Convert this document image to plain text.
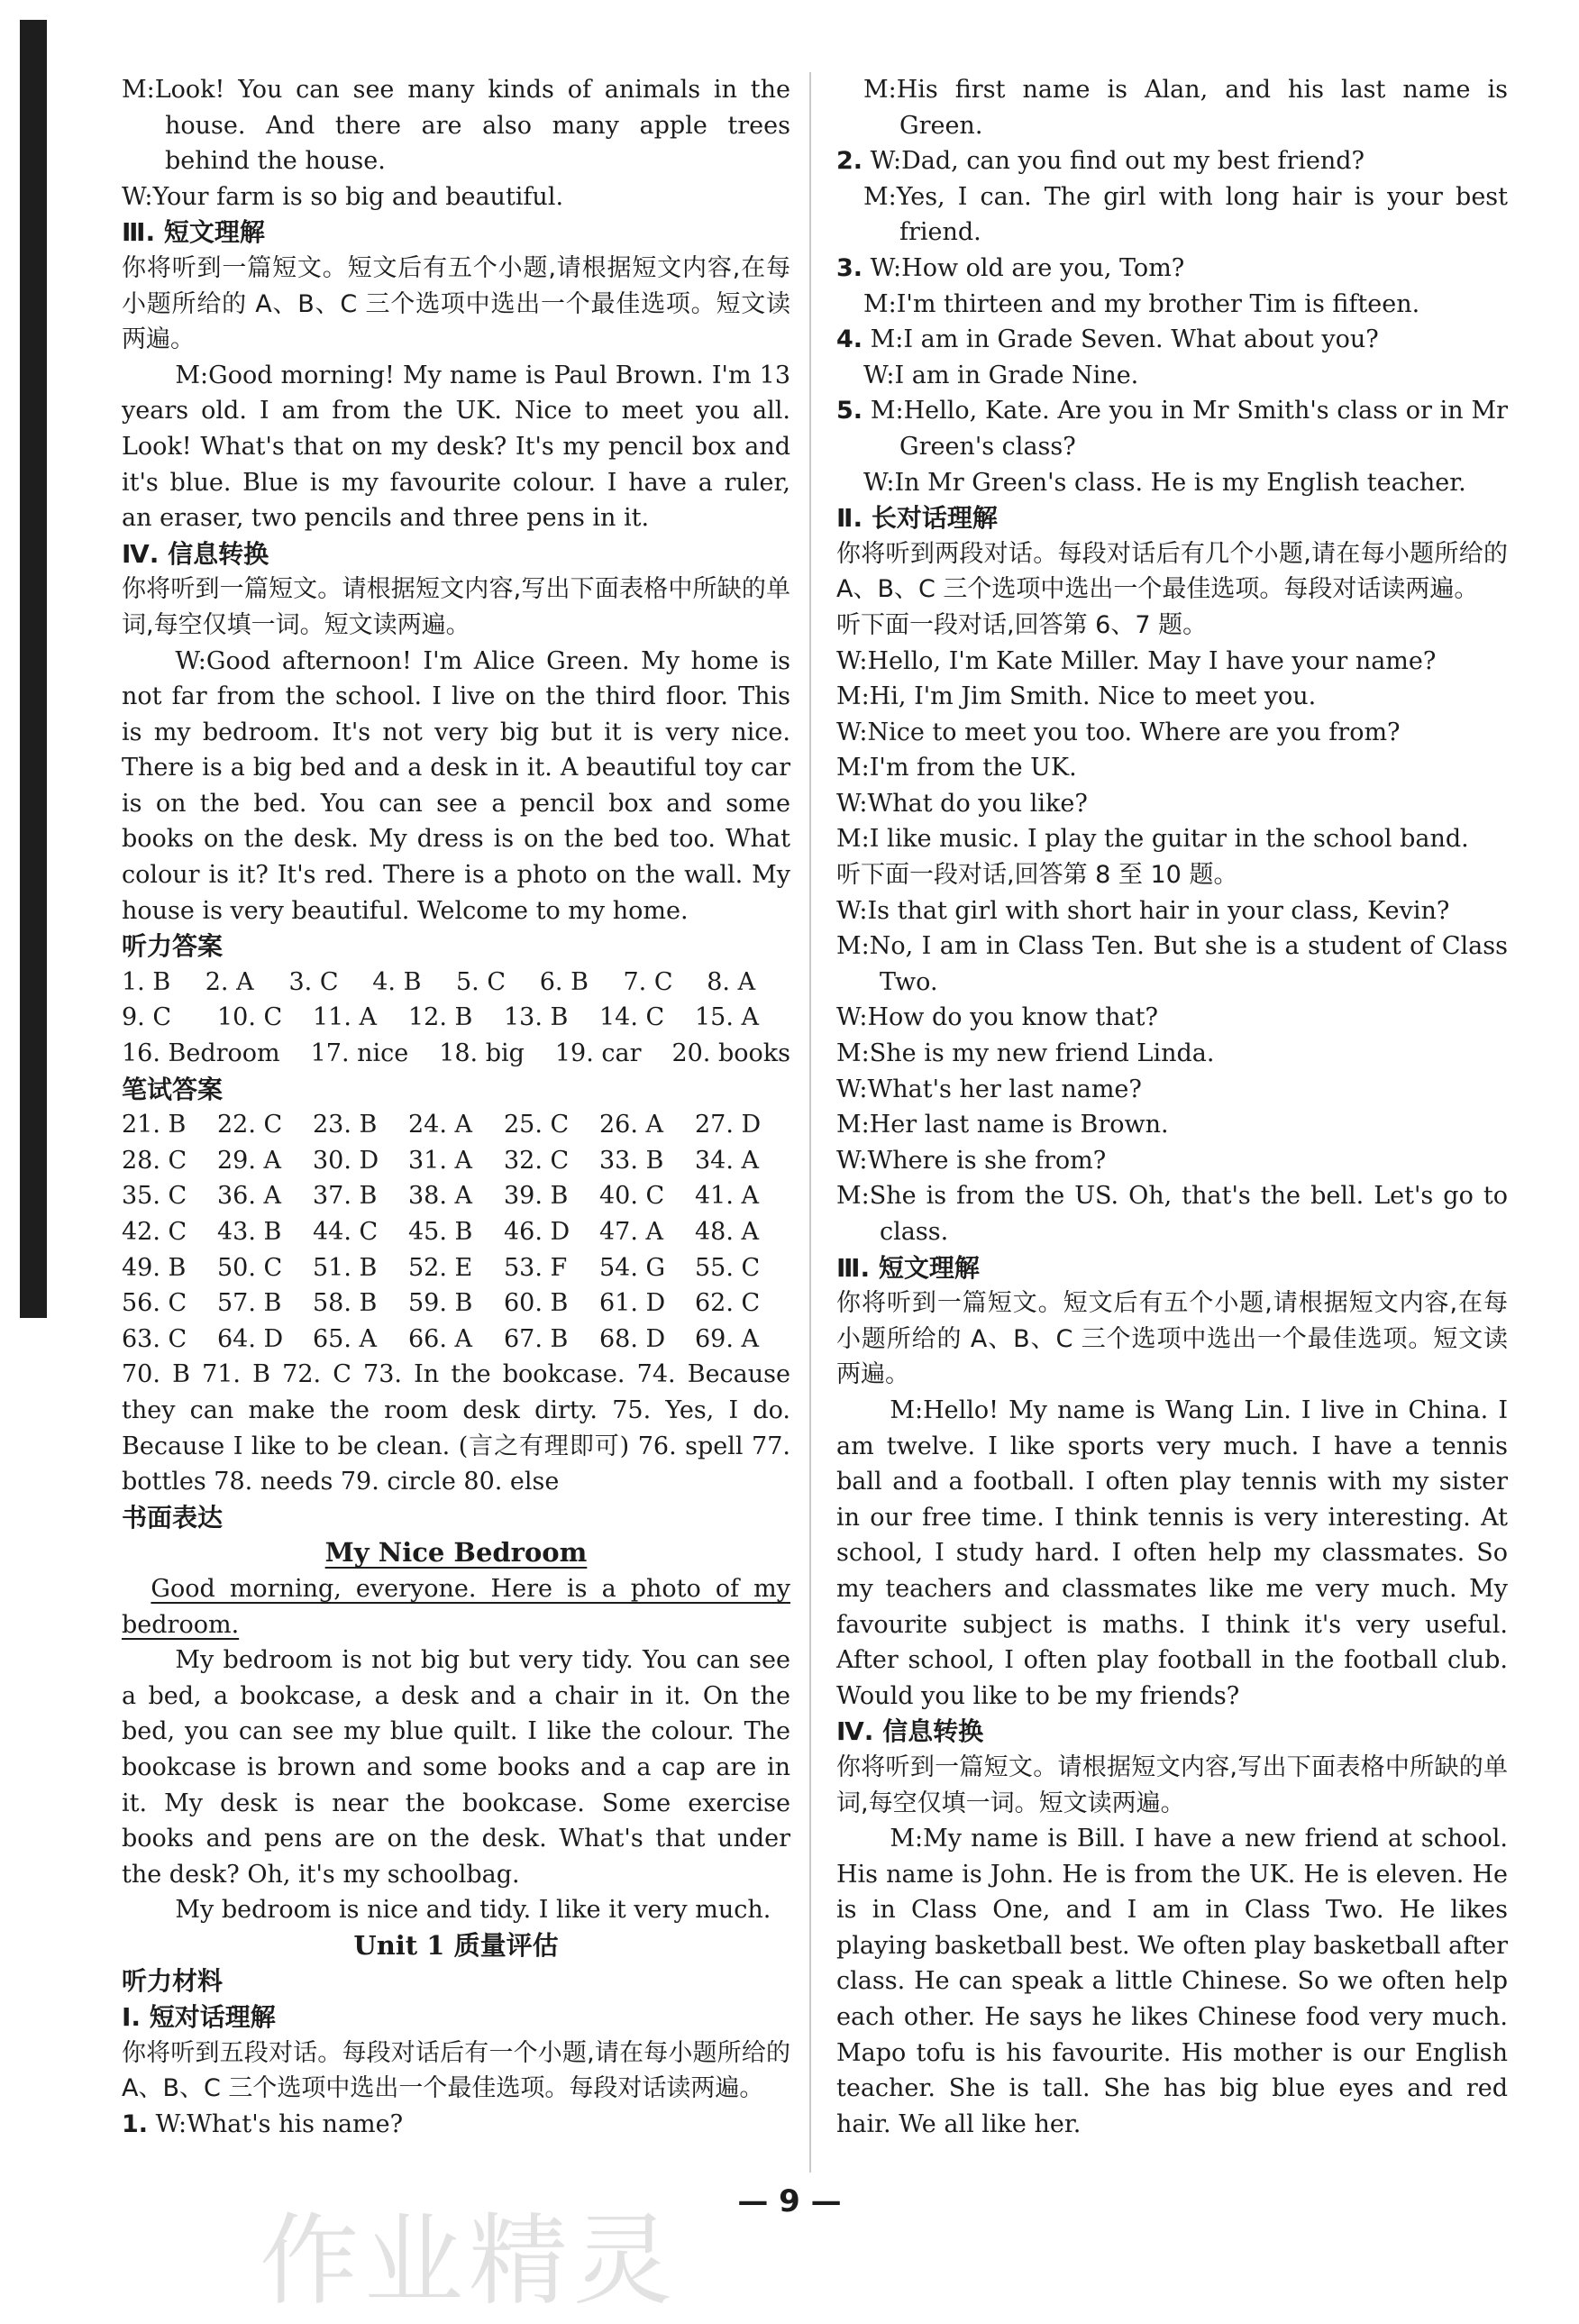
M:Look! You can see many kinds of animals in the house. And there are also many apple trees behind the house.

W:Your farm is so big and beautiful.

Ⅲ. 短文理解

你将听到一篇短文。短文后有五个小题,请根据短文内容,在每小题所给的 A、B、C 三个选项中选出一个最佳选项。短文读两遍。

M:Good morning! My name is Paul Brown. I'm 13 years old. I am from the UK. Nice to meet you all. Look! What's that on my desk? It's my pencil box and it's blue. Blue is my favourite colour. I have a ruler, an eraser, two pencils and three pens in it.

Ⅳ. 信息转换

你将听到一篇短文。请根据短文内容,写出下面表格中所缺的单词,每空仅填一词。短文读两遍。

W:Good afternoon! I'm Alice Green. My home is not far from the school. I live on the third floor. This is my bedroom. It's not very big but it is very nice. There is a big bed and a desk in it. A beautiful toy car is on the bed. You can see a pencil box and some books on the desk. My dress is on the bed too. What colour is it? It's red. There is a photo on the wall. My house is very beautiful. Welcome to my home.

听力答案

1. B	2. A	3. C	4. B	5. C	6. B	7. C	8. A
9. C	10. C	11. A	12. B	13. B	14. C	15. A
16. Bedroom 17. nice 18. big 19. car 20. books

笔试答案

21. B	22. C	23. B	24. A	25. C	26. A	27. D
28. C	29. A	30. D	31. A	32. C	33. B	34. A
35. C	36. A	37. B	38. A	39. B	40. C	41. A
42. C	43. B	44. C	45. B	46. D	47. A	48. A
49. B	50. C	51. B	52. E	53. F	54. G	55. C
56. C	57. B	58. B	59. B	60. B	61. D	62. C
63. C	64. D	65. A	66. A	67. B	68. D	69. A

70. B 71. B 72. C 73. In the bookcase. 74. Because they can make the room desk dirty. 75. Yes, I do. Because I like to be clean. (言之有理即可) 76. spell 77. bottles 78. needs 79. circle 80. else

书面表达

My Nice Bedroom

Good morning, everyone. Here is a photo of my bedroom.

My bedroom is not big but very tidy. You can see a bed, a bookcase, a desk and a chair in it. On the bed, you can see my blue quilt. I like the colour. The bookcase is brown and some books and a cap are in it. My desk is near the bookcase. Some exercise books and pens are on the desk. What's that under the desk? Oh, it's my schoolbag.

My bedroom is nice and tidy. I like it very much.

Unit 1 质量评估

听力材料

Ⅰ. 短对话理解

你将听到五段对话。每段对话后有一个小题,请在每小题所给的 A、B、C 三个选项中选出一个最佳选项。每段对话读两遍。

1. W:What's his name?

M:His first name is Alan, and his last name is Green.

2. W:Dad, can you find out my best friend?

M:Yes, I can. The girl with long hair is your best friend.

3. W:How old are you, Tom?

M:I'm thirteen and my brother Tim is fifteen.

4. M:I am in Grade Seven. What about you?

W:I am in Grade Nine.

5. M:Hello, Kate. Are you in Mr Smith's class or in Mr Green's class?

W:In Mr Green's class. He is my English teacher.

Ⅱ. 长对话理解

你将听到两段对话。每段对话后有几个小题,请在每小题所给的 A、B、C 三个选项中选出一个最佳选项。每段对话读两遍。

听下面一段对话,回答第 6、7 题。

W:Hello, I'm Kate Miller. May I have your name?

M:Hi, I'm Jim Smith. Nice to meet you.

W:Nice to meet you too. Where are you from?

M:I'm from the UK.

W:What do you like?

M:I like music. I play the guitar in the school band.

听下面一段对话,回答第 8 至 10 题。

W:Is that girl with short hair in your class, Kevin?

M:No, I am in Class Ten. But she is a student of Class Two.

W:How do you know that?

M:She is my new friend Linda.

W:What's her last name?

M:Her last name is Brown.

W:Where is she from?

M:She is from the US. Oh, that's the bell. Let's go to class.

Ⅲ. 短文理解

你将听到一篇短文。短文后有五个小题,请根据短文内容,在每小题所给的 A、B、C 三个选项中选出一个最佳选项。短文读两遍。

M:Hello! My name is Wang Lin. I live in China. I am twelve. I like sports very much. I have a tennis ball and a football. I often play tennis with my sister in our free time. I think tennis is very interesting. At school, I study hard. I often help my classmates. So my teachers and classmates like me very much. My favourite subject is maths. I think it's very useful. After school, I often play football in the football club. Would you like to be my friends?

Ⅳ. 信息转换

你将听到一篇短文。请根据短文内容,写出下面表格中所缺的单词,每空仅填一词。短文读两遍。

M:My name is Bill. I have a new friend at school. His name is John. He is from the UK. He is eleven. He is in Class One, and I am in Class Two. He likes playing basketball best. We often play basketball after class. He can speak a little Chinese. So we often help each other. He says he likes Chinese food very much. Mapo tofu is his favourite. His mother is our English teacher. She is tall. She has big blue eyes and red hair. We all like her.

— 9 —
作业精灵
